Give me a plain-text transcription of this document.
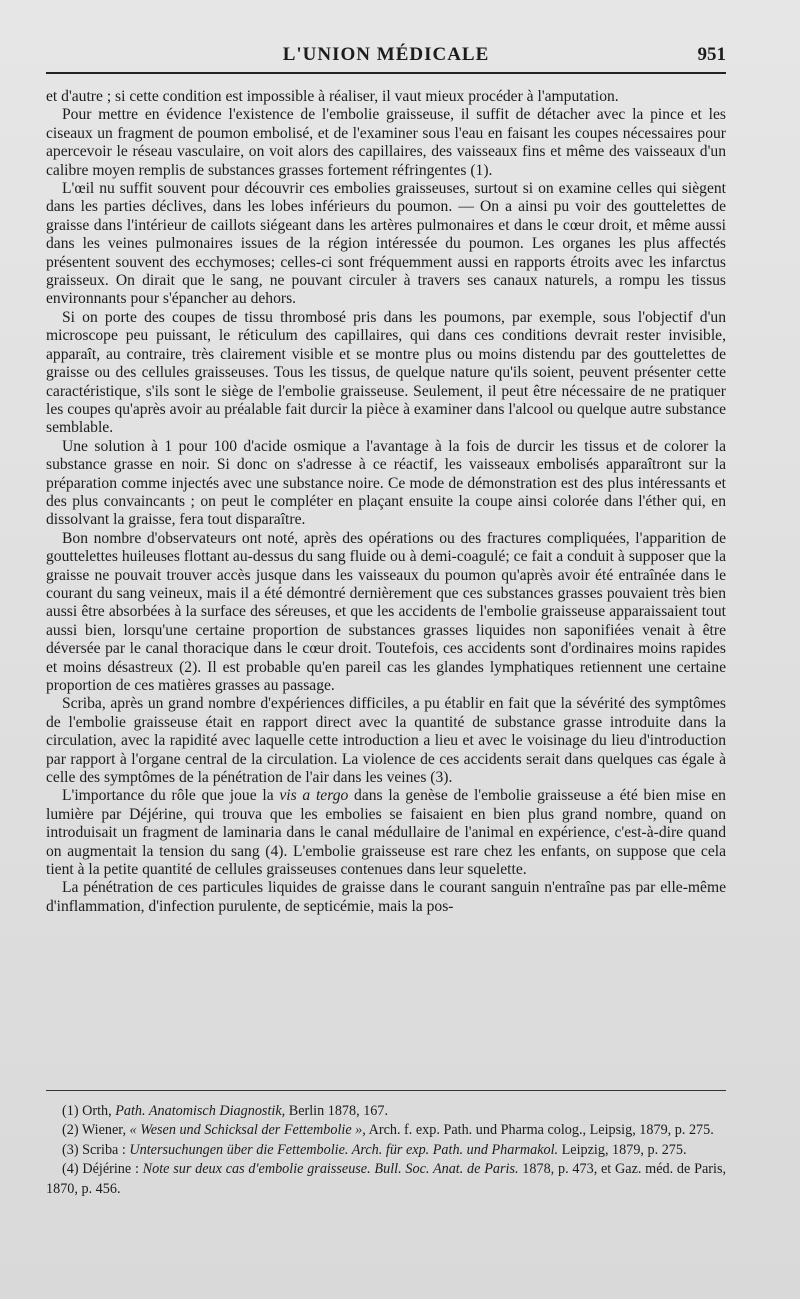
L'UNION MÉDICALE	951

et d'autre ; si cette condition est impossible à réaliser, il vaut mieux procéder à l'amputation.

Pour mettre en évidence l'existence de l'embolie graisseuse, il suffit de détacher avec la pince et les ciseaux un fragment de poumon embolisé, et de l'examiner sous l'eau en faisant les coupes nécessaires pour apercevoir le réseau vasculaire, on voit alors des capillaires, des vaisseaux fins et même des vaisseaux d'un calibre moyen remplis de substances grasses fortement réfringentes (1).

L'œil nu suffit souvent pour découvrir ces embolies graisseuses, surtout si on examine celles qui siègent dans les parties déclives, dans les lobes inférieurs du poumon. — On a ainsi pu voir des gouttelettes de graisse dans l'intérieur de caillots siégeant dans les artères pulmonaires et dans le cœur droit, et même aussi dans les veines pulmonaires issues de la région intéressée du poumon. Les organes les plus affectés présentent souvent des ecchymoses; celles-ci sont fréquemment aussi en rapports étroits avec les infarctus graisseux. On dirait que le sang, ne pouvant circuler à travers ses canaux naturels, a rompu les tissus environnants pour s'épancher au dehors.

Si on porte des coupes de tissu thrombosé pris dans les poumons, par exemple, sous l'objectif d'un microscope peu puissant, le réticulum des capillaires, qui dans ces conditions devrait rester invisible, apparaît, au contraire, très clairement visible et se montre plus ou moins distendu par des gouttelettes de graisse ou des cellules graisseuses. Tous les tissus, de quelque nature qu'ils soient, peuvent présenter cette caractéristique, s'ils sont le siège de l'embolie graisseuse. Seulement, il peut être nécessaire de ne pratiquer les coupes qu'après avoir au préalable fait durcir la pièce à examiner dans l'alcool ou quelque autre substance semblable.

Une solution à 1 pour 100 d'acide osmique a l'avantage à la fois de durcir les tissus et de colorer la substance grasse en noir. Si donc on s'adresse à ce réactif, les vaisseaux embolisés apparaîtront sur la préparation comme injectés avec une substance noire. Ce mode de démonstration est des plus intéressants et des plus convaincants ; on peut le compléter en plaçant ensuite la coupe ainsi colorée dans l'éther qui, en dissolvant la graisse, fera tout disparaître.

Bon nombre d'observateurs ont noté, après des opérations ou des fractures compliquées, l'apparition de gouttelettes huileuses flottant au-dessus du sang fluide ou à demi-coagulé; ce fait a conduit à supposer que la graisse ne pouvait trouver accès jusque dans les vaisseaux du poumon qu'après avoir été entraînée dans le courant du sang veineux, mais il a été démontré dernièrement que ces substances grasses pouvaient très bien aussi être absorbées à la surface des séreuses, et que les accidents de l'embolie graisseuse apparaissaient tout aussi bien, lorsqu'une certaine proportion de substances grasses liquides non saponifiées venait à être déversée par le canal thoracique dans le cœur droit. Toutefois, ces accidents sont d'ordinaires moins rapides et moins désastreux (2). Il est probable qu'en pareil cas les glandes lymphatiques retiennent une certaine proportion de ces matières grasses au passage.

Scriba, après un grand nombre d'expériences difficiles, a pu établir en fait que la sévérité des symptômes de l'embolie graisseuse était en rapport direct avec la quantité de substance grasse introduite dans la circulation, avec la rapidité avec laquelle cette introduction a lieu et avec le voisinage du lieu d'introduction par rapport à l'organe central de la circulation. La violence de ces accidents serait dans quelques cas égale à celle des symptômes de la pénétration de l'air dans les veines (3).

L'importance du rôle que joue la vis a tergo dans la genèse de l'embolie graisseuse a été bien mise en lumière par Déjérine, qui trouva que les embolies se faisaient en bien plus grand nombre, quand on introduisait un fragment de laminaria dans le canal médullaire de l'animal en expérience, c'est-à-dire quand on augmentait la tension du sang (4). L'embolie graisseuse est rare chez les enfants, on suppose que cela tient à la petite quantité de cellules graisseuses contenues dans leur squelette.

La pénétration de ces particules liquides de graisse dans le courant sanguin n'entraîne pas par elle-même d'inflammation, d'infection purulente, de septicémie, mais la pos-

(1) Orth, Path. Anatomisch Diagnostik, Berlin 1878, 167.

(2) Wiener, « Wesen und Schicksal der Fettembolie », Arch. f. exp. Path. und Pharma colog., Leipsig, 1879, p. 275.

(3) Scriba : Untersuchungen über die Fettembolie. Arch. für exp. Path. und Pharmakol. Leipzig, 1879, p. 275.

(4) Déjérine : Note sur deux cas d'embolie graisseuse. Bull. Soc. Anat. de Paris. 1878, p. 473, et Gaz. méd. de Paris, 1870, p. 456.
